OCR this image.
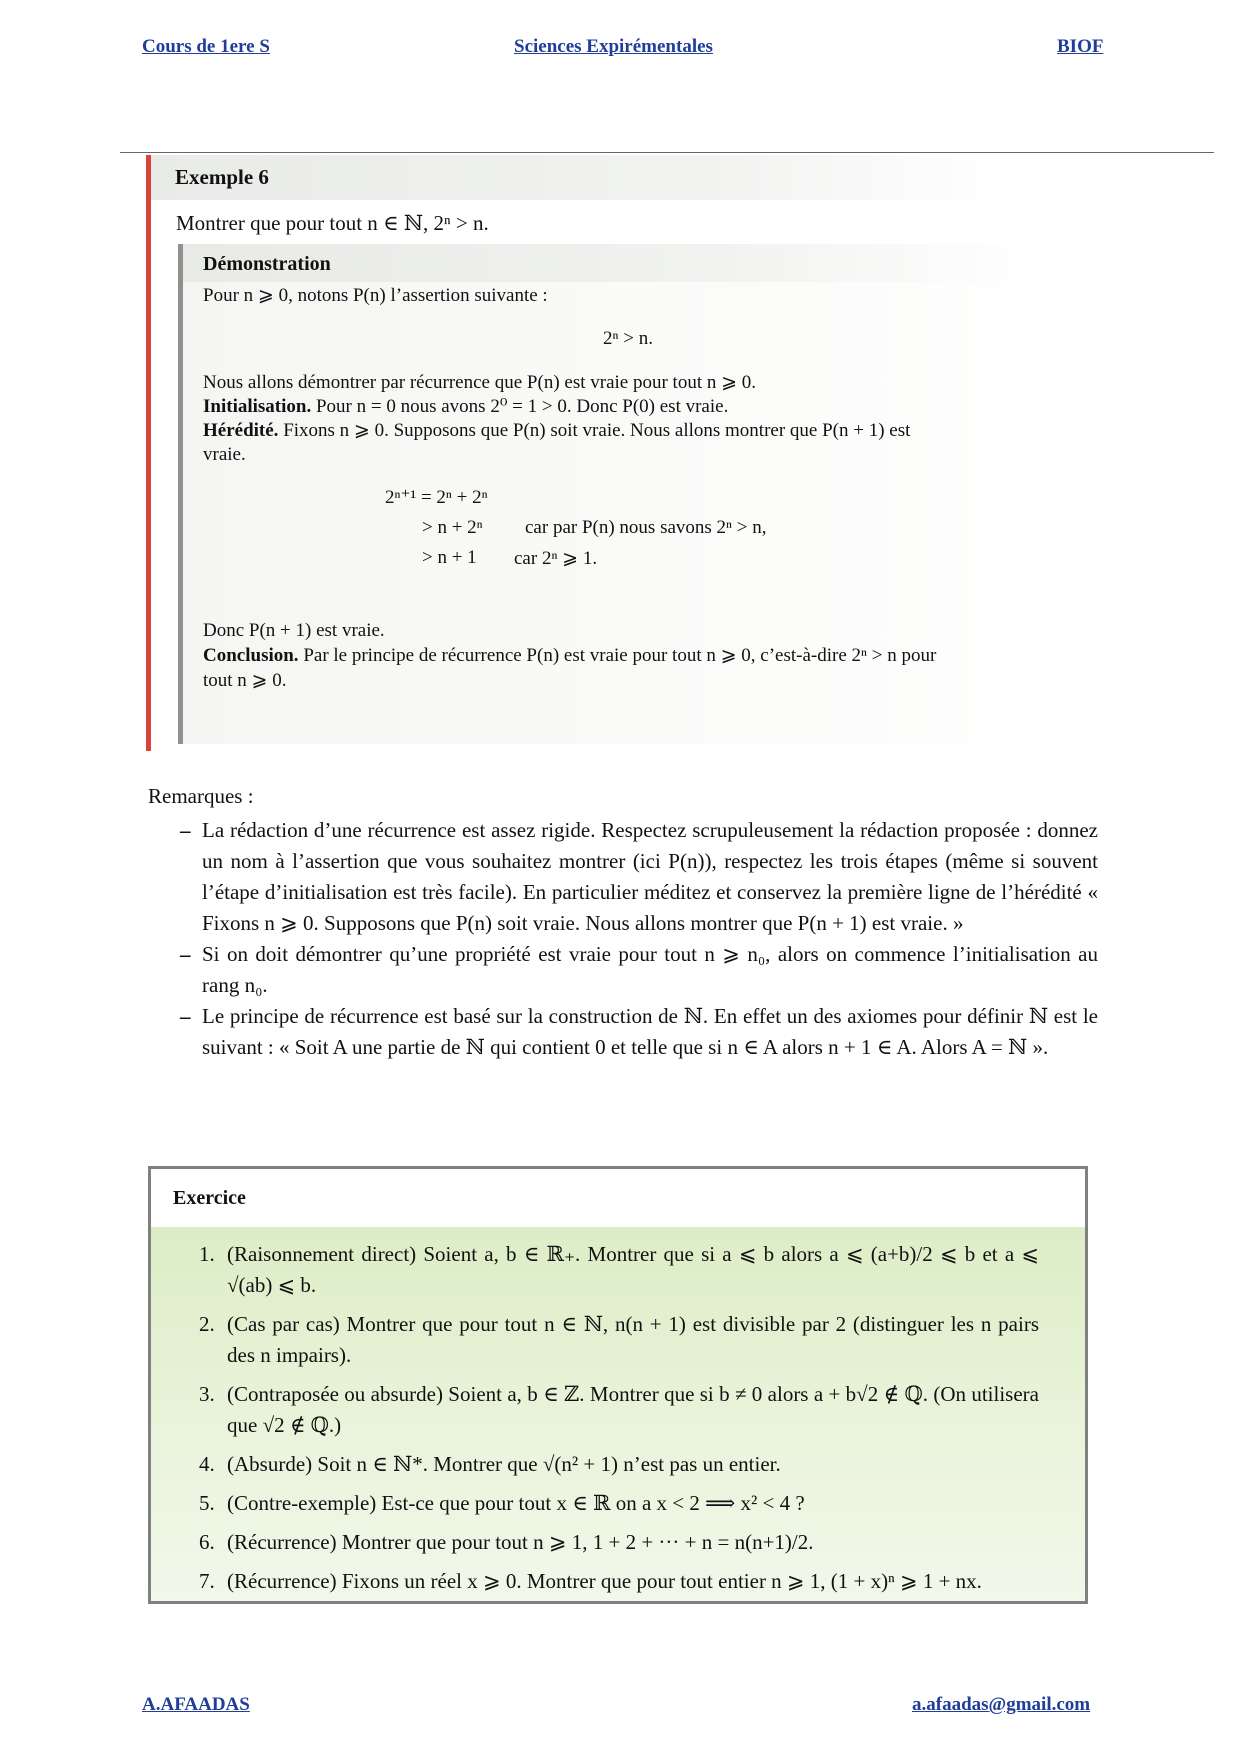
Cours de 1ere S	Sciences Expirémentales	BIOF
Exemple 6
Montrer que pour tout n ∈ ℕ, 2ⁿ > n.
Démonstration
Pour n ⩾ 0, notons P(n) l’assertion suivante :
2ⁿ > n.
Nous allons démontrer par récurrence que P(n) est vraie pour tout n ⩾ 0.
Initialisation. Pour n = 0 nous avons 2⁰ = 1 > 0. Donc P(0) est vraie.
Hérédité. Fixons n ⩾ 0. Supposons que P(n) soit vraie. Nous allons montrer que P(n + 1) est
vraie.
2ⁿ⁺¹ = 2ⁿ + 2ⁿ
> n + 2ⁿ car par P(n) nous savons 2ⁿ > n,
> n + 1 car 2ⁿ ⩾ 1.
Donc P(n + 1) est vraie.
Conclusion. Par le principe de récurrence P(n) est vraie pour tout n ⩾ 0, c’est-à-dire 2ⁿ > n pour
tout n ⩾ 0.
Remarques :
– La rédaction d’une récurrence est assez rigide. Respectez scrupuleusement la rédaction proposée : donnez un nom à l’assertion que vous souhaitez montrer (ici P(n)), respectez les trois étapes (même si souvent l’étape d’initialisation est très facile). En particulier méditez et conservez la première ligne de l’hérédité « Fixons n ⩾ 0. Supposons que P(n) soit vraie. Nous allons montrer que P(n + 1) est vraie. »
– Si on doit démontrer qu’une propriété est vraie pour tout n ⩾ n₀, alors on commence l’initialisation au rang n₀.
– Le principe de récurrence est basé sur la construction de ℕ. En effet un des axiomes pour définir ℕ est le suivant : « Soit A une partie de ℕ qui contient 0 et telle que si n ∈ A alors n + 1 ∈ A. Alors A = ℕ ».
Exercice
1. (Raisonnement direct) Soient a, b ∈ ℝ₊. Montrer que si a ⩽ b alors a ⩽ (a+b)/2 ⩽ b et a ⩽ √(ab) ⩽ b.
2. (Cas par cas) Montrer que pour tout n ∈ ℕ, n(n + 1) est divisible par 2 (distinguer les n pairs des n impairs).
3. (Contraposée ou absurde) Soient a, b ∈ ℤ. Montrer que si b ≠ 0 alors a + b√2 ∉ ℚ. (On utilisera que √2 ∉ ℚ.)
4. (Absurde) Soit n ∈ ℕ*. Montrer que √(n² + 1) n’est pas un entier.
5. (Contre-exemple) Est-ce que pour tout x ∈ ℝ on a x < 2 ⟹ x² < 4 ?
6. (Récurrence) Montrer que pour tout n ⩾ 1, 1 + 2 + ··· + n = n(n+1)/2.
7. (Récurrence) Fixons un réel x ⩾ 0. Montrer que pour tout entier n ⩾ 1, (1 + x)ⁿ ⩾ 1 + nx.
A.AFAADAS	a.afaadas@gmail.com
